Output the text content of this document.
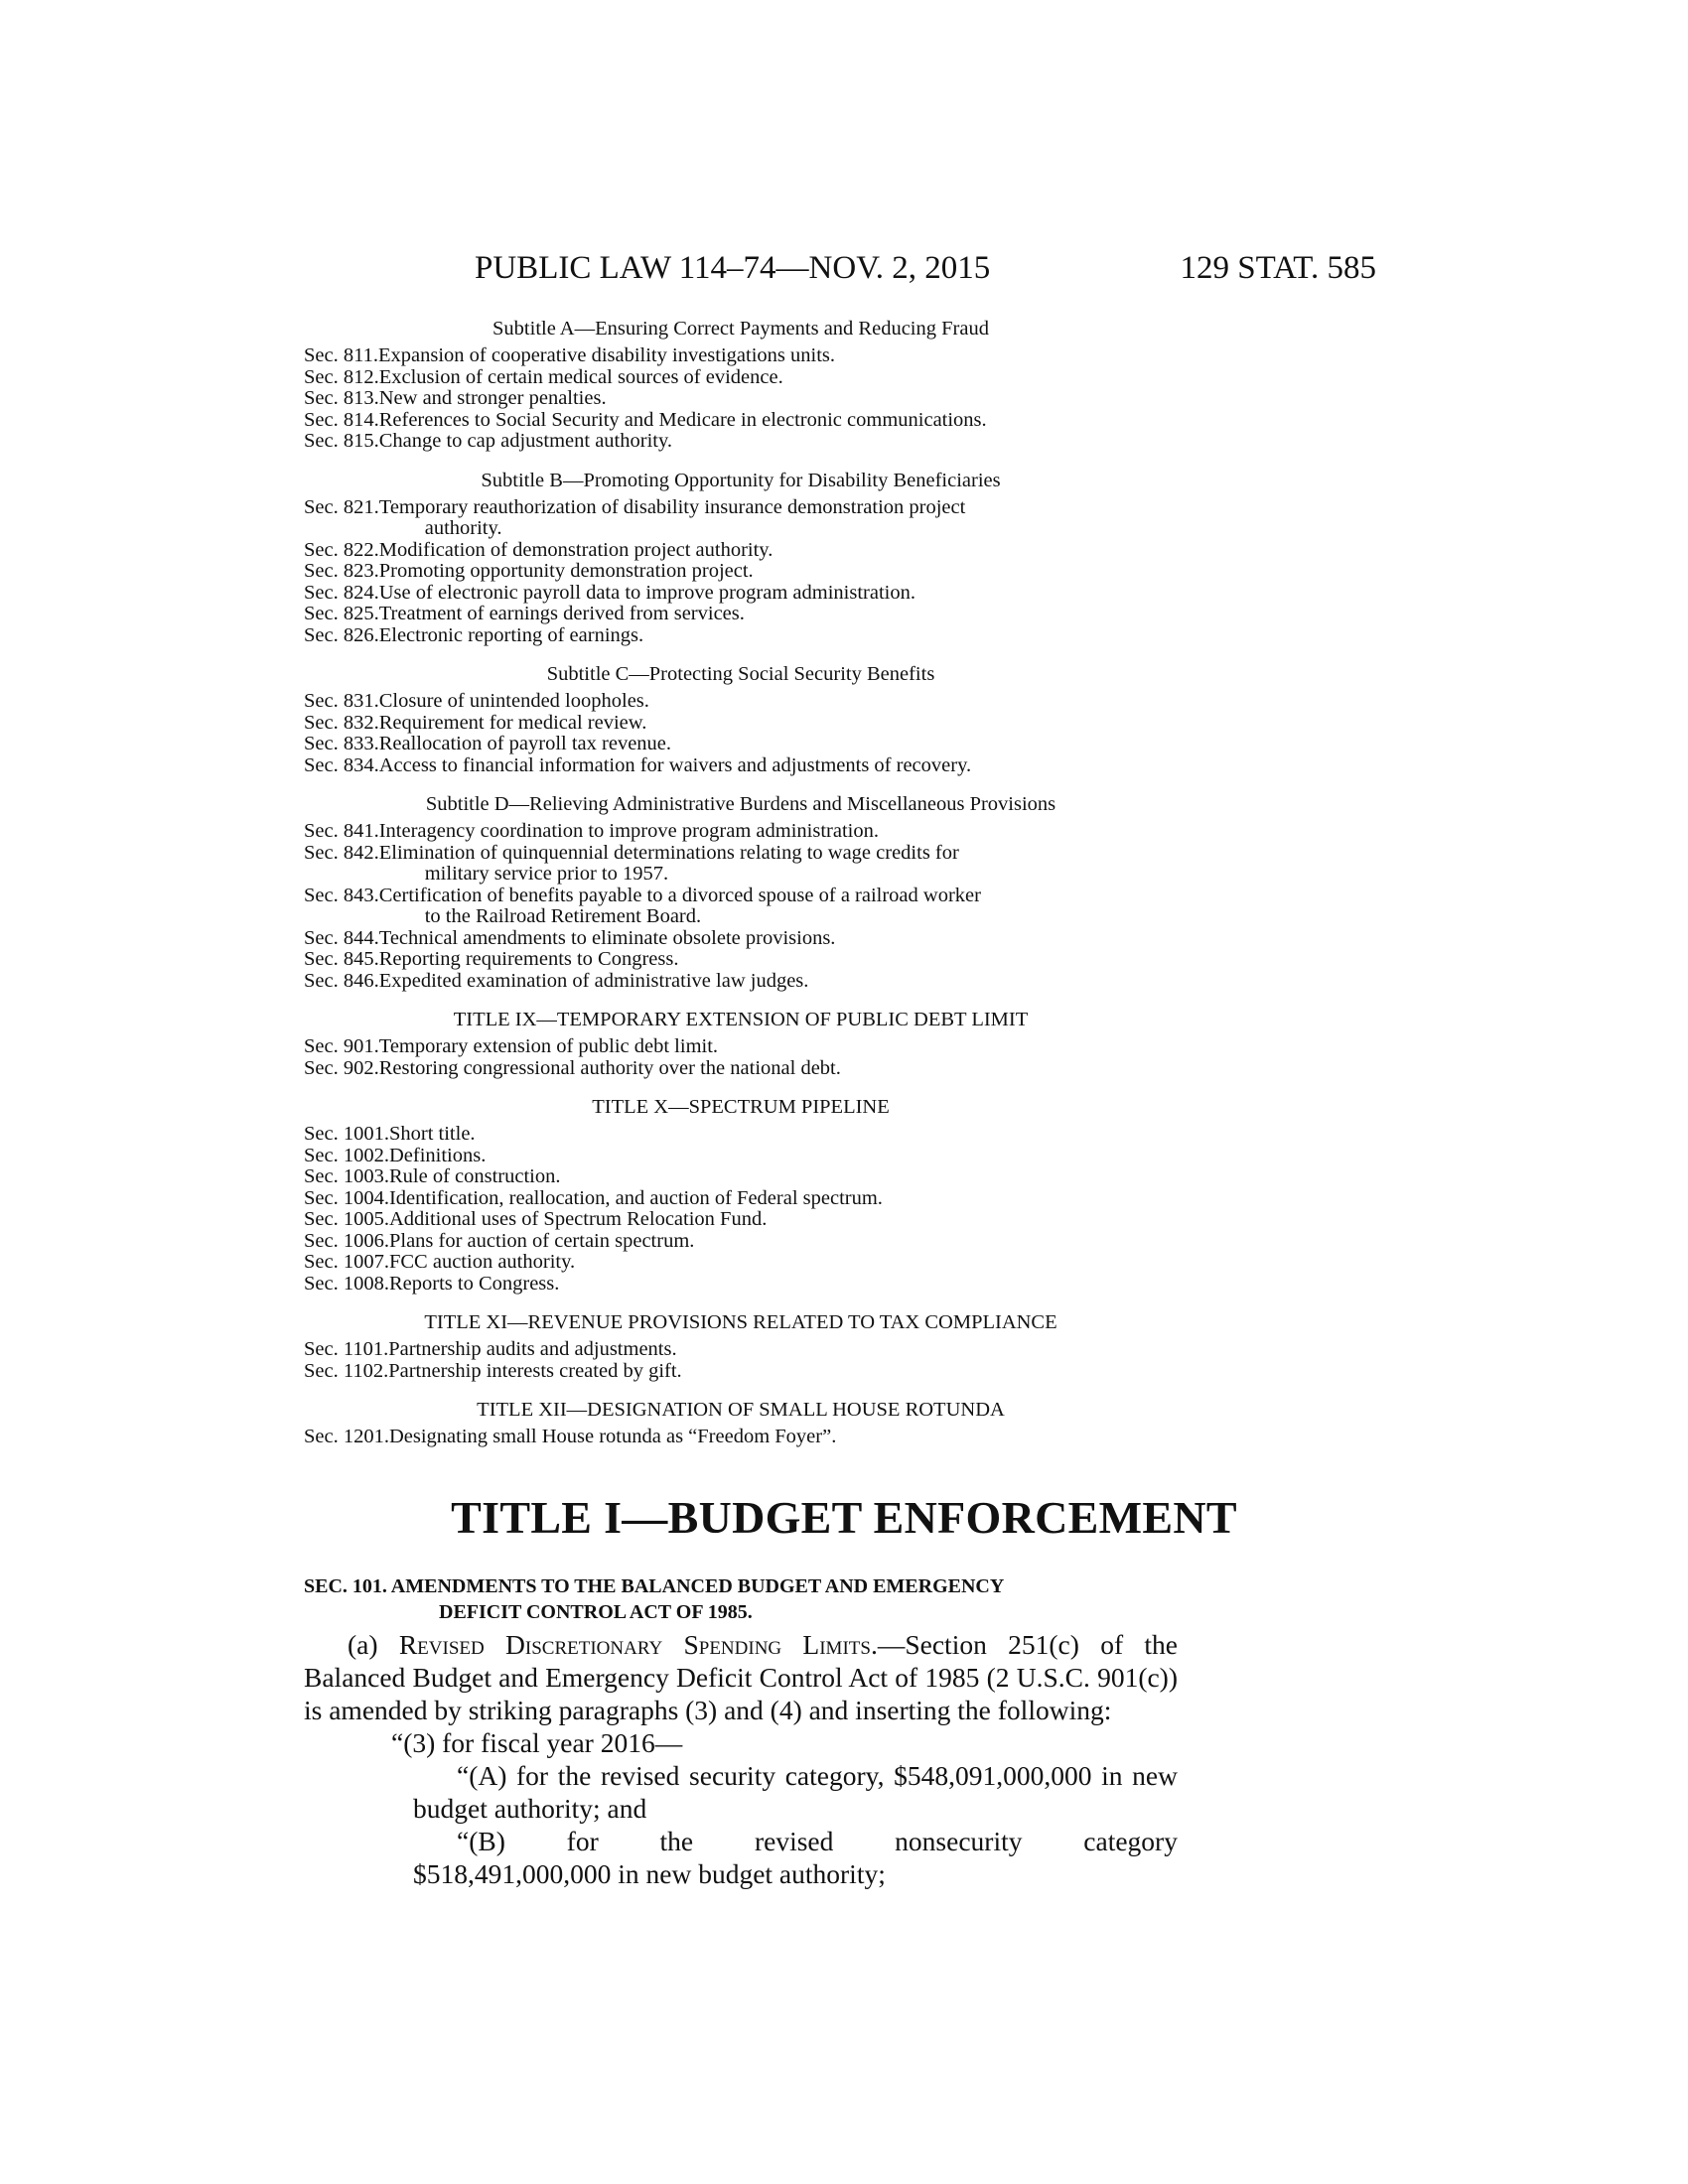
PUBLIC LAW 114–74—NOV. 2, 2015	129 STAT. 585
Subtitle A—Ensuring Correct Payments and Reducing Fraud
Sec. 811. Expansion of cooperative disability investigations units.
Sec. 812. Exclusion of certain medical sources of evidence.
Sec. 813. New and stronger penalties.
Sec. 814. References to Social Security and Medicare in electronic communications.
Sec. 815. Change to cap adjustment authority.
Subtitle B—Promoting Opportunity for Disability Beneficiaries
Sec. 821. Temporary reauthorization of disability insurance demonstration project
authority.
Sec. 822. Modification of demonstration project authority.
Sec. 823. Promoting opportunity demonstration project.
Sec. 824. Use of electronic payroll data to improve program administration.
Sec. 825. Treatment of earnings derived from services.
Sec. 826. Electronic reporting of earnings.
Subtitle C—Protecting Social Security Benefits
Sec. 831. Closure of unintended loopholes.
Sec. 832. Requirement for medical review.
Sec. 833. Reallocation of payroll tax revenue.
Sec. 834. Access to financial information for waivers and adjustments of recovery.
Subtitle D—Relieving Administrative Burdens and Miscellaneous Provisions
Sec. 841. Interagency coordination to improve program administration.
Sec. 842. Elimination of quinquennial determinations relating to wage credits for
military service prior to 1957.
Sec. 843. Certification of benefits payable to a divorced spouse of a railroad worker
to the Railroad Retirement Board.
Sec. 844. Technical amendments to eliminate obsolete provisions.
Sec. 845. Reporting requirements to Congress.
Sec. 846. Expedited examination of administrative law judges.
TITLE IX—TEMPORARY EXTENSION OF PUBLIC DEBT LIMIT
Sec. 901. Temporary extension of public debt limit.
Sec. 902. Restoring congressional authority over the national debt.
TITLE X—SPECTRUM PIPELINE
Sec. 1001. Short title.
Sec. 1002. Definitions.
Sec. 1003. Rule of construction.
Sec. 1004. Identification, reallocation, and auction of Federal spectrum.
Sec. 1005. Additional uses of Spectrum Relocation Fund.
Sec. 1006. Plans for auction of certain spectrum.
Sec. 1007. FCC auction authority.
Sec. 1008. Reports to Congress.
TITLE XI—REVENUE PROVISIONS RELATED TO TAX COMPLIANCE
Sec. 1101. Partnership audits and adjustments.
Sec. 1102. Partnership interests created by gift.
TITLE XII—DESIGNATION OF SMALL HOUSE ROTUNDA
Sec. 1201. Designating small House rotunda as “Freedom Foyer”.
TITLE I—BUDGET ENFORCEMENT
SEC. 101. AMENDMENTS TO THE BALANCED BUDGET AND EMERGENCY
DEFICIT CONTROL ACT OF 1985.

(a) Revised Discretionary Spending Limits.—Section 251(c) of the Balanced Budget and Emergency Deficit Control Act of 1985 (2 U.S.C. 901(c)) is amended by striking paragraphs (3) and (4) and inserting the following:

“(3) for fiscal year 2016—

“(A) for the revised security category, $548,091,000,000 in new budget authority; and

“(B) for the revised nonsecurity category
$518,491,000,000 in new budget authority;
